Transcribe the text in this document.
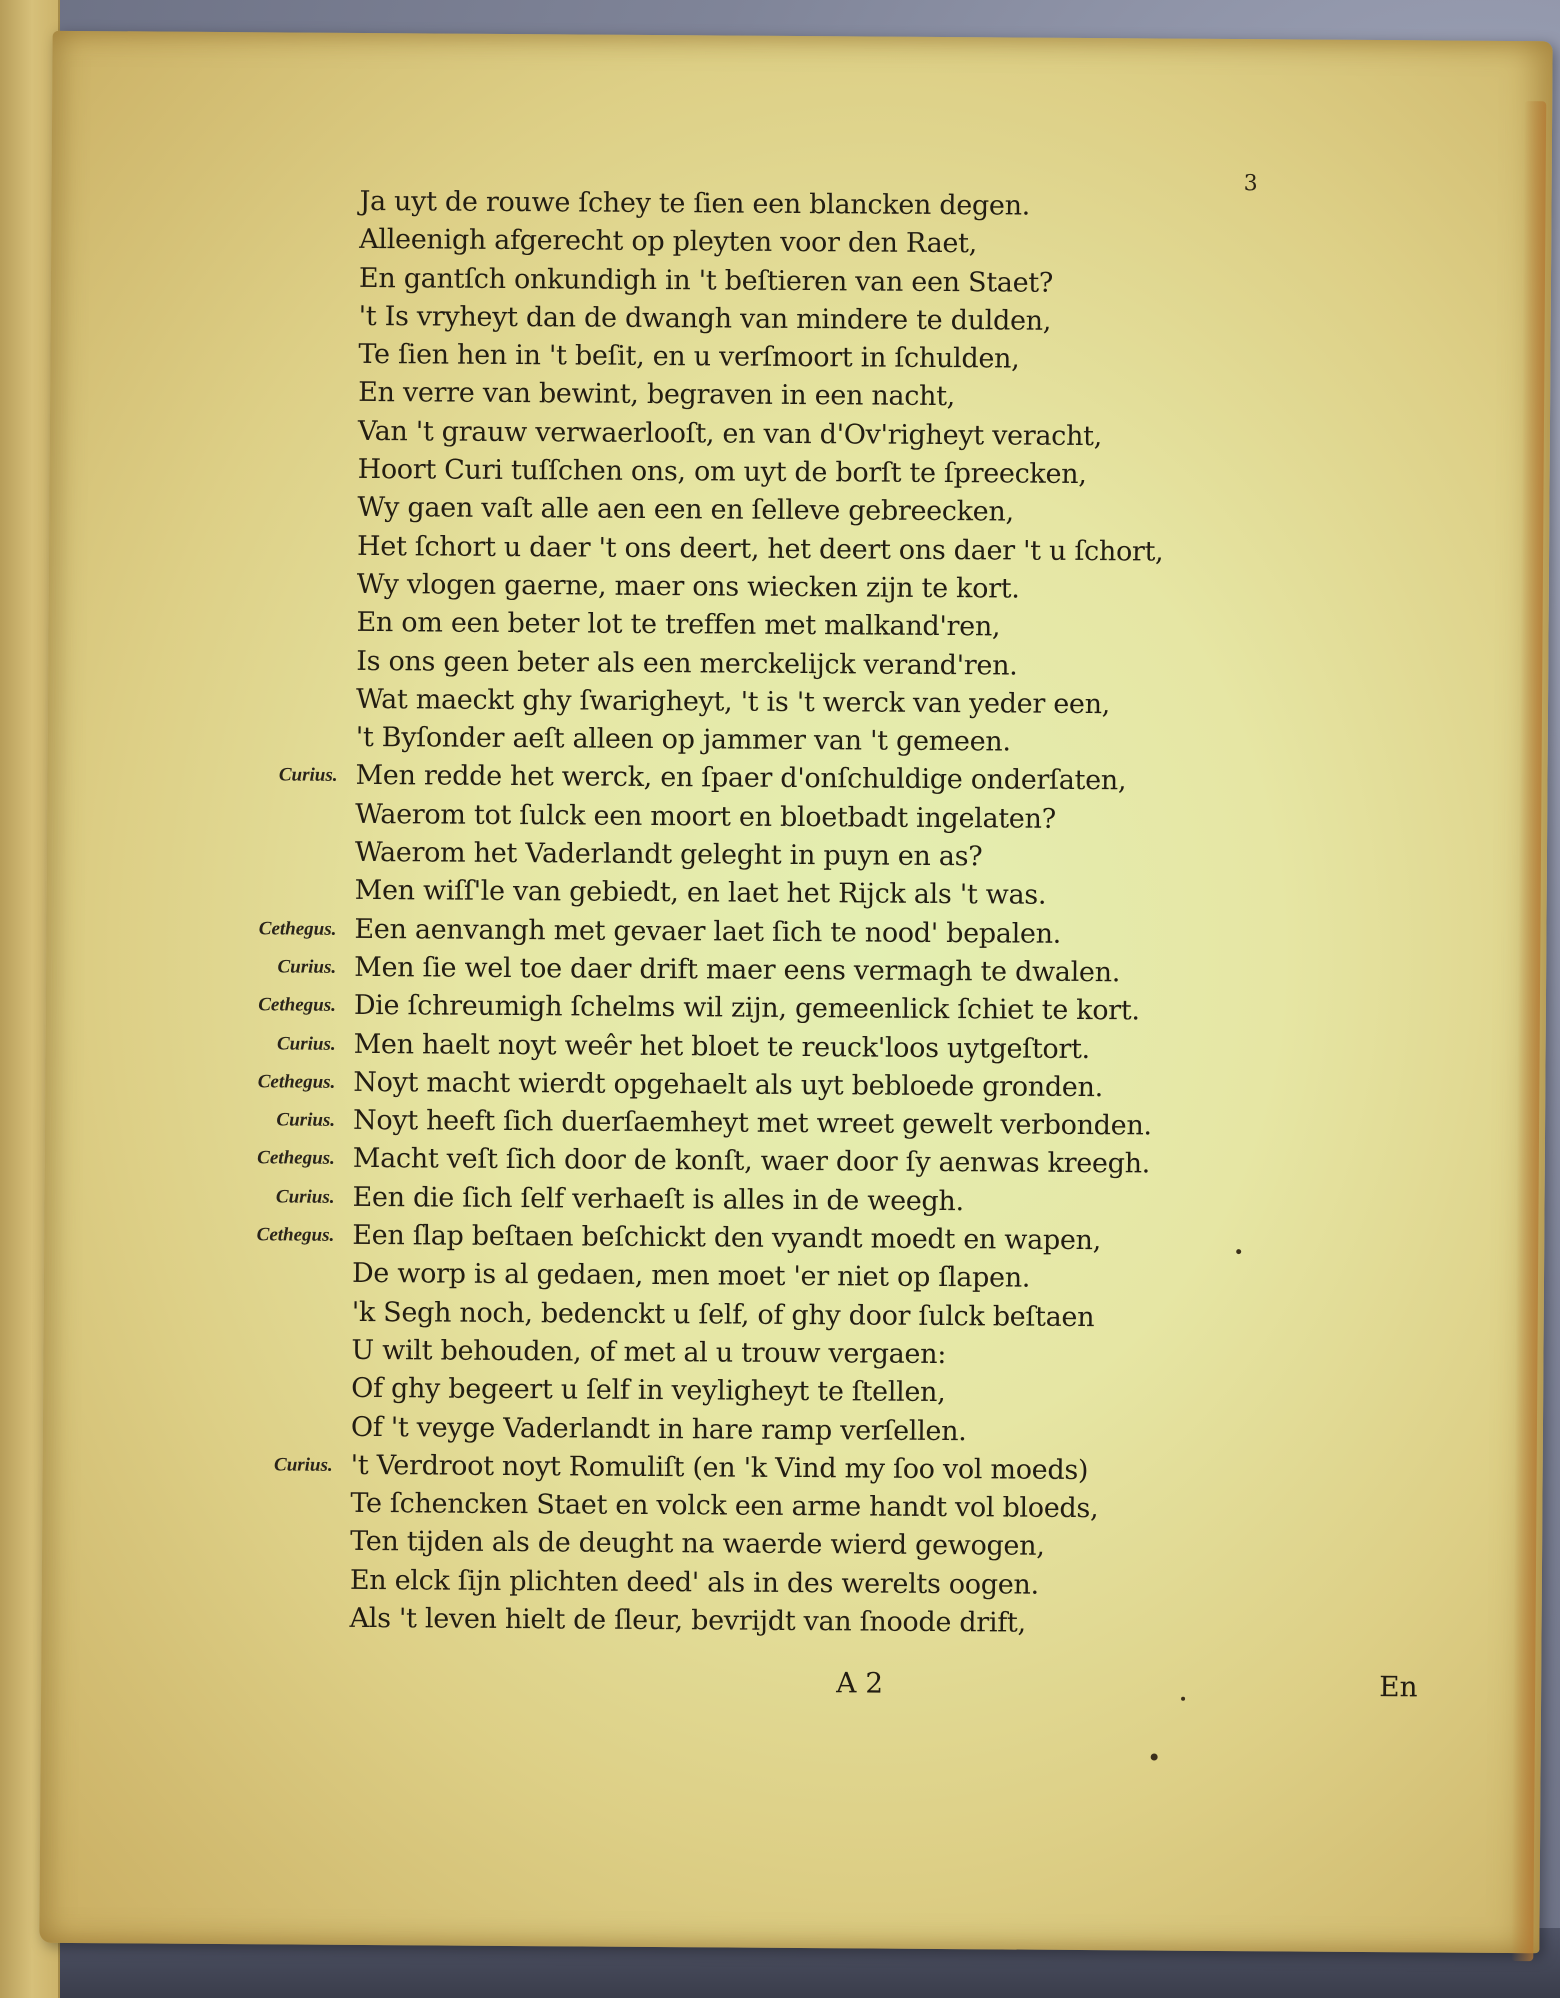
3
Ja uyt de rouwe ſchey te ſien een blancken degen.
Alleenigh afgerecht op pleyten voor den Raet,
En gantſch onkundigh in 't beſtieren van een Staet?
't Is vryheyt dan de dwangh van mindere te dulden,
Te ſien hen in 't beſit, en u verſmoort in ſchulden,
En verre van bewint, begraven in een nacht,
Van 't grauw verwaerlooſt, en van d'Ov'righeyt veracht,
Hoort Curi tuſſchen ons, om uyt de borſt te ſpreecken,
Wy gaen vaſt alle aen een en ſelleve gebreecken,
Het ſchort u daer 't ons deert, het deert ons daer 't u ſchort,
Wy vlogen gaerne, maer ons wiecken zijn te kort.
En om een beter lot te treffen met malkand'ren,
Is ons geen beter als een merckelijck verand'ren.
Wat maeckt ghy ſwarigheyt, 't is 't werck van yeder een,
't Byſonder aeſt alleen op jammer van 't gemeen.
Curius. Men redde het werck, en ſpaer d'onſchuldige onderſaten,
Waerom tot ſulck een moort en bloetbadt ingelaten?
Waerom het Vaderlandt geleght in puyn en as?
Men wiſſ'le van gebiedt, en laet het Rijck als 't was.
Cethegus. Een aenvangh met gevaer laet ſich te nood' bepalen.
Curius. Men ſie wel toe daer drift maer eens vermagh te dwalen.
Cethegus. Die ſchreumigh ſchelms wil zijn, gemeenlick ſchiet te kort.
Curius. Men haelt noyt weêr het bloet te reuck'loos uytgeſtort.
Cethegus. Noyt macht wierdt opgehaelt als uyt bebloede gronden.
Curius. Noyt heeft ſich duerſaemheyt met wreet gewelt verbonden.
Cethegus. Macht veſt ſich door de konſt, waer door ſy aenwas kreegh.
Curius. Een die ſich ſelf verhaeſt is alles in de weegh.
Cethegus. Een ſlap beſtaen beſchickt den vyandt moedt en wapen,
De worp is al gedaen, men moet 'er niet op ſlapen.
'k Segh noch, bedenckt u ſelf, of ghy door ſulck beſtaen
U wilt behouden, of met al u trouw vergaen:
Of ghy begeert u ſelf in veyligheyt te ſtellen,
Of 't veyge Vaderlandt in hare ramp verſellen.
Curius. 't Verdroot noyt Romuliſt (en 'k Vind my ſoo vol moeds)
Te ſchencken Staet en volck een arme handt vol bloeds,
Ten tijden als de deught na waerde wierd gewogen,
En elck ſijn plichten deed' als in des werelts oogen.
Als 't leven hielt de ſleur, bevrijdt van ſnoode drift,
A 2	En
